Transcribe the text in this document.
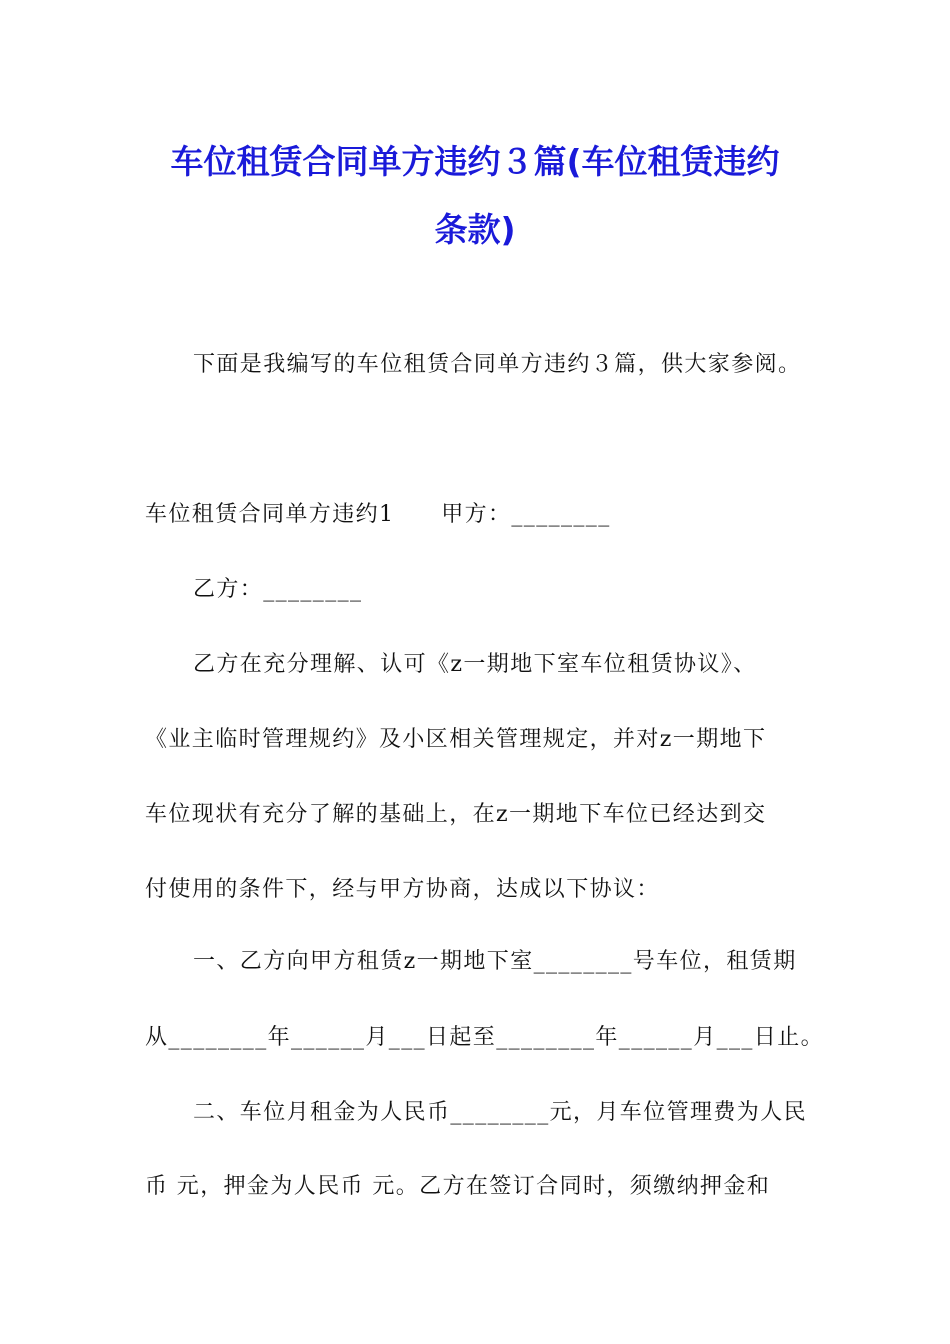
车位租赁合同单方违约３篇(车位租赁违约
条款)
下面是我编写的车位租赁合同单方违约３篇，供大家参阅。
车位租赁合同单方违约1　　甲方：________
乙方：________
乙方在充分理解、认可《z一期地下室车位租赁协议》、
《业主临时管理规约》及小区相关管理规定，并对z一期地下
车位现状有充分了解的基础上，在z一期地下车位已经达到交
付使用的条件下，经与甲方协商，达成以下协议：
一、乙方向甲方租赁z一期地下室________号车位，租赁期
从________年______月___日起至________年______月___日止。
二、车位月租金为人民币________元，月车位管理费为人民
币 元，押金为人民币 元。乙方在签订合同时，须缴纳押金和
